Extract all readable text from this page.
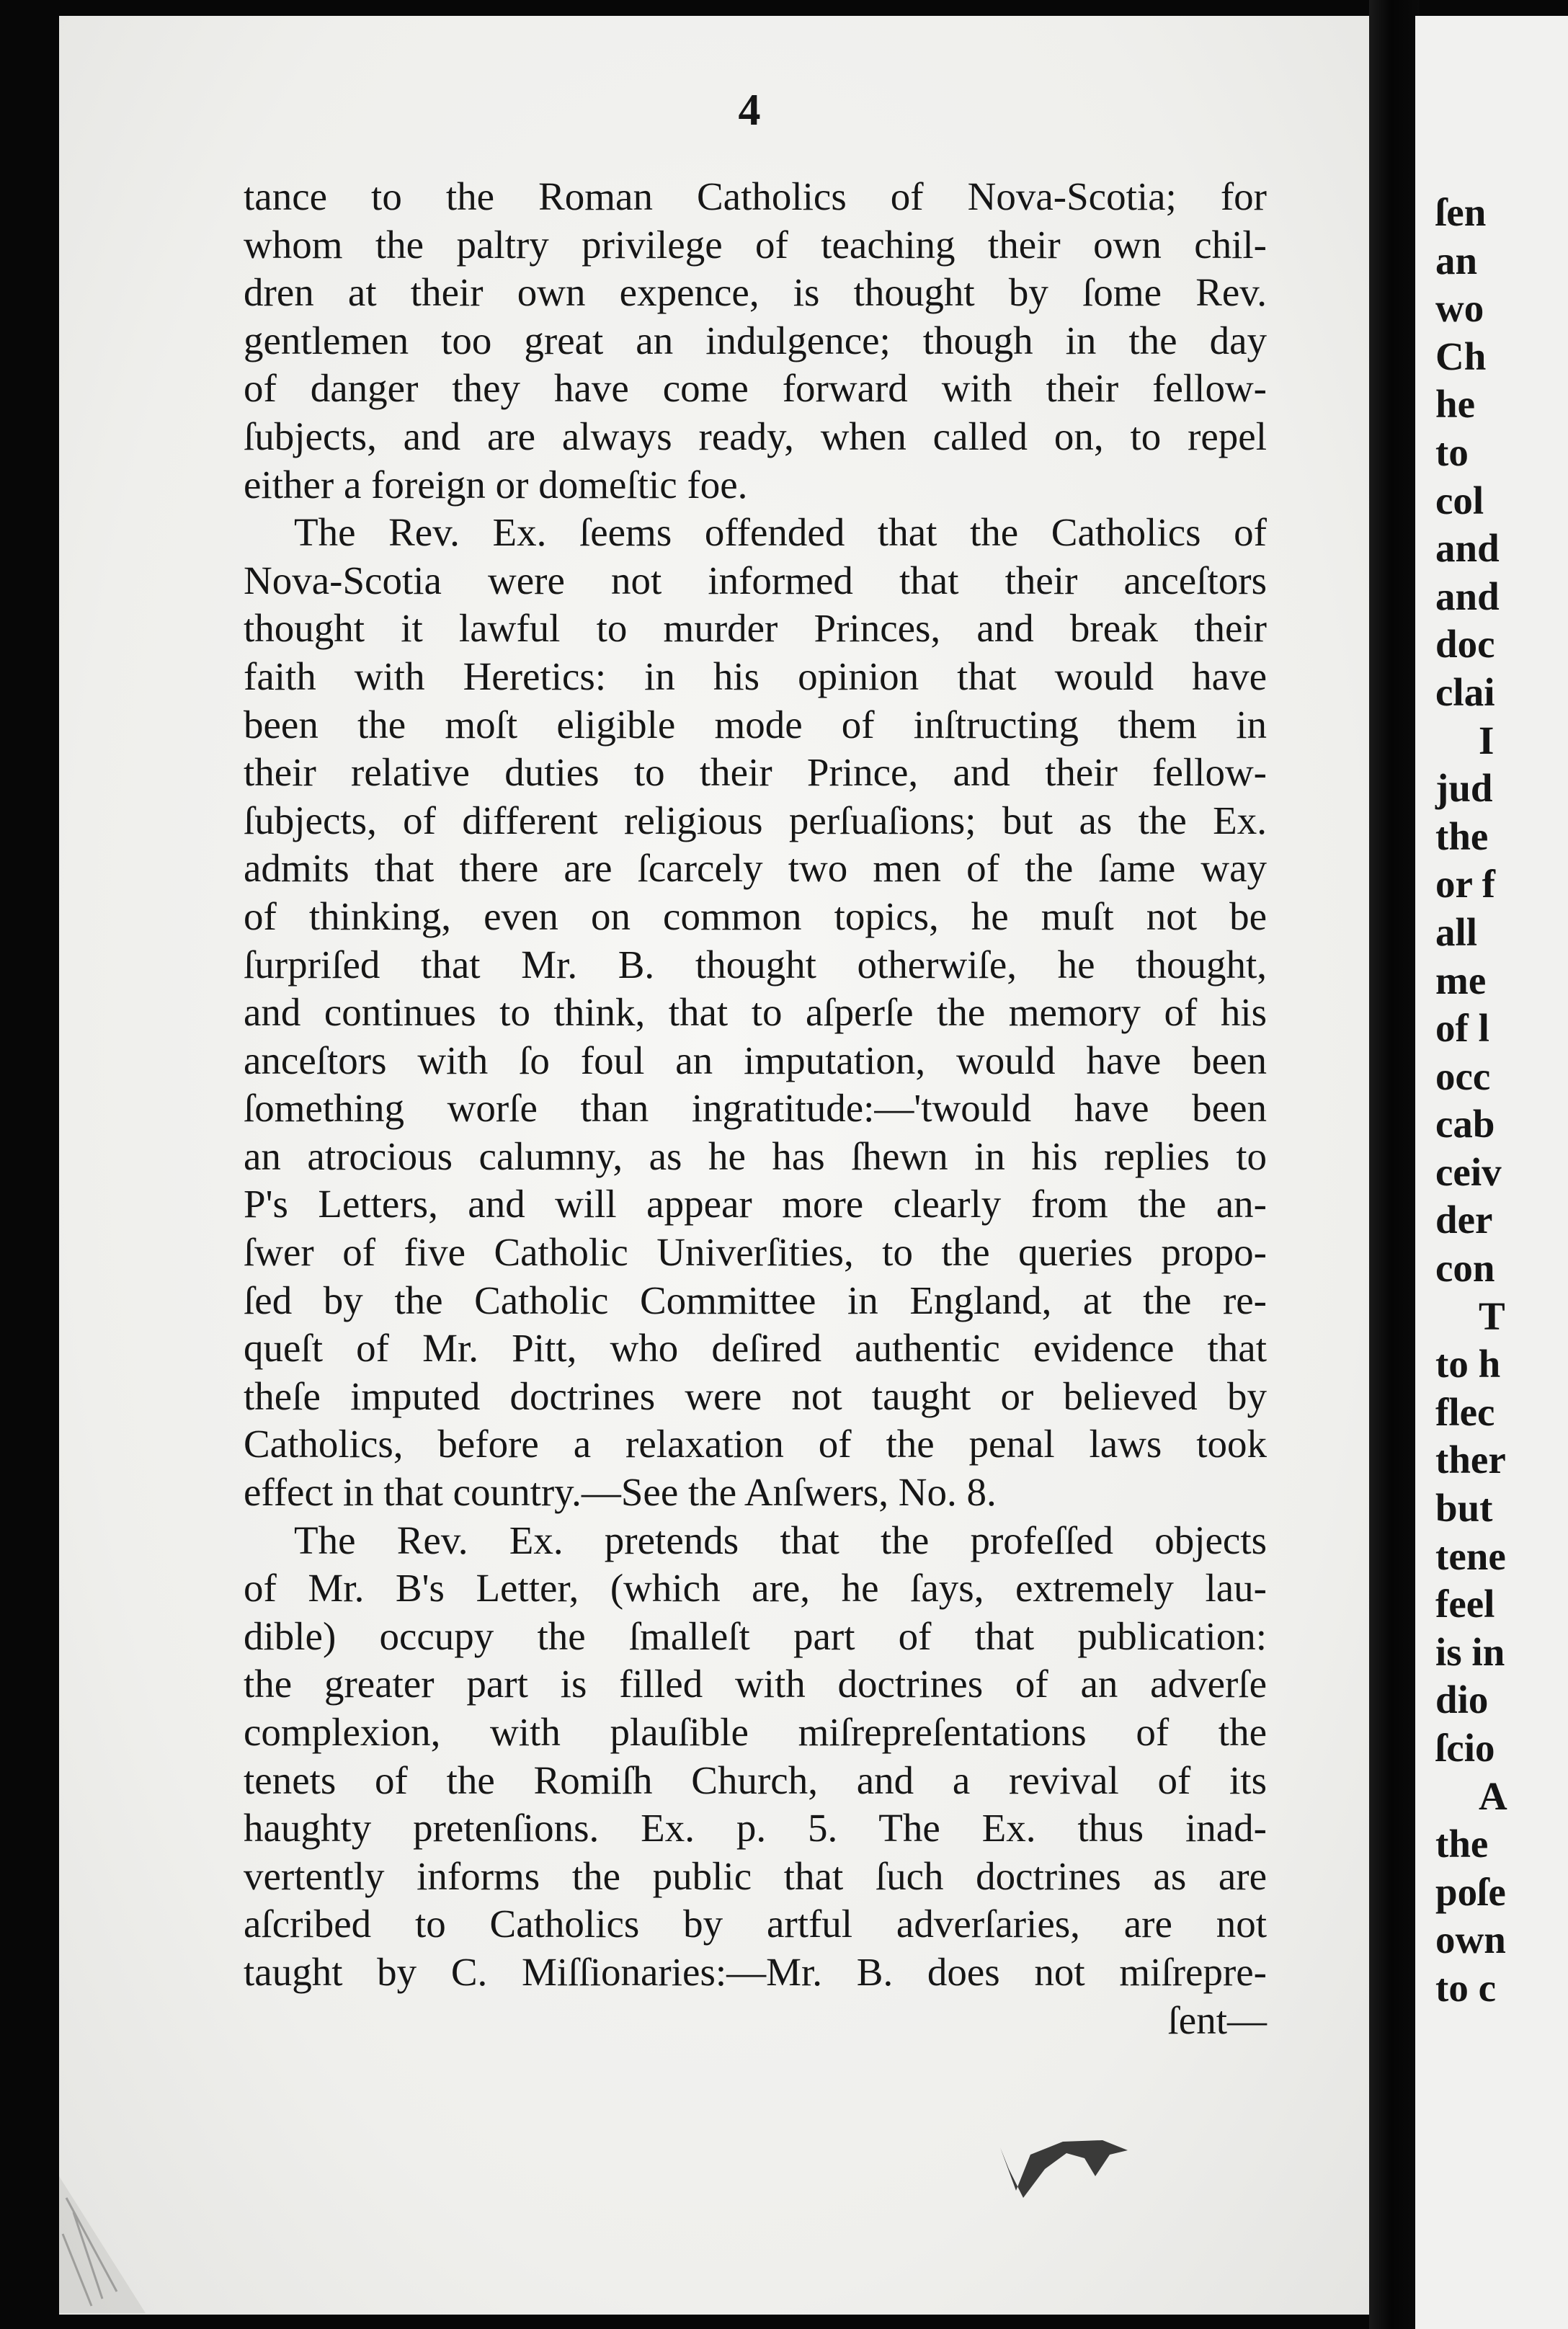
ſen
an
wo
Ch
he
to
col
and
and
doc
clai
I
jud
the
or f
all
me
of l
occ
cab
ceiv
der
con
T
to h
flec
ther
but
tene
feel
is in
dio
ſcio
A
the
poſe
own
to c
4
tance to the Roman Catholics of Nova-Scotia; for
whom the paltry privilege of teaching their own chil-
dren at their own expence, is thought by ſome Rev.
gentlemen too great an indulgence; though in the day
of danger they have come forward with their fellow-
ſubjects, and are always ready, when called on, to repel
either a foreign or domeſtic foe.
The Rev. Ex. ſeems offended that the Catholics of
Nova-Scotia were not informed that their anceſtors
thought it lawful to murder Princes, and break their
faith with Heretics: in his opinion that would have
been the moſt eligible mode of inſtructing them in
their relative duties to their Prince, and their fellow-
ſubjects, of different religious perſuaſions; but as the Ex.
admits that there are ſcarcely two men of the ſame way
of thinking, even on common topics, he muſt not be
ſurpriſed that Mr. B. thought otherwiſe, he thought,
and continues to think, that to aſperſe the memory of his
anceſtors with ſo foul an imputation, would have been
ſomething worſe than ingratitude:—'twould have been
an atrocious calumny, as he has ſhewn in his replies to
P's Letters, and will appear more clearly from the an-
ſwer of five Catholic Univerſities, to the queries propo-
ſed by the Catholic Committee in England, at the re-
queſt of Mr. Pitt, who deſired authentic evidence that
theſe imputed doctrines were not taught or believed by
Catholics, before a relaxation of the penal laws took
effect in that country.—See the Anſwers, No. 8.
The Rev. Ex. pretends that the profeſſed objects
of Mr. B's Letter, (which are, he ſays, extremely lau-
dible) occupy the ſmalleſt part of that publication:
the greater part is filled with doctrines of an adverſe
complexion, with plauſible miſrepreſentations of the
tenets of the Romiſh Church, and a revival of its
haughty pretenſions. Ex. p. 5. The Ex. thus inad-
vertently informs the public that ſuch doctrines as are
aſcribed to Catholics by artful adverſaries, are not
taught by C. Miſſionaries:—Mr. B. does not miſrepre-
ſent—
